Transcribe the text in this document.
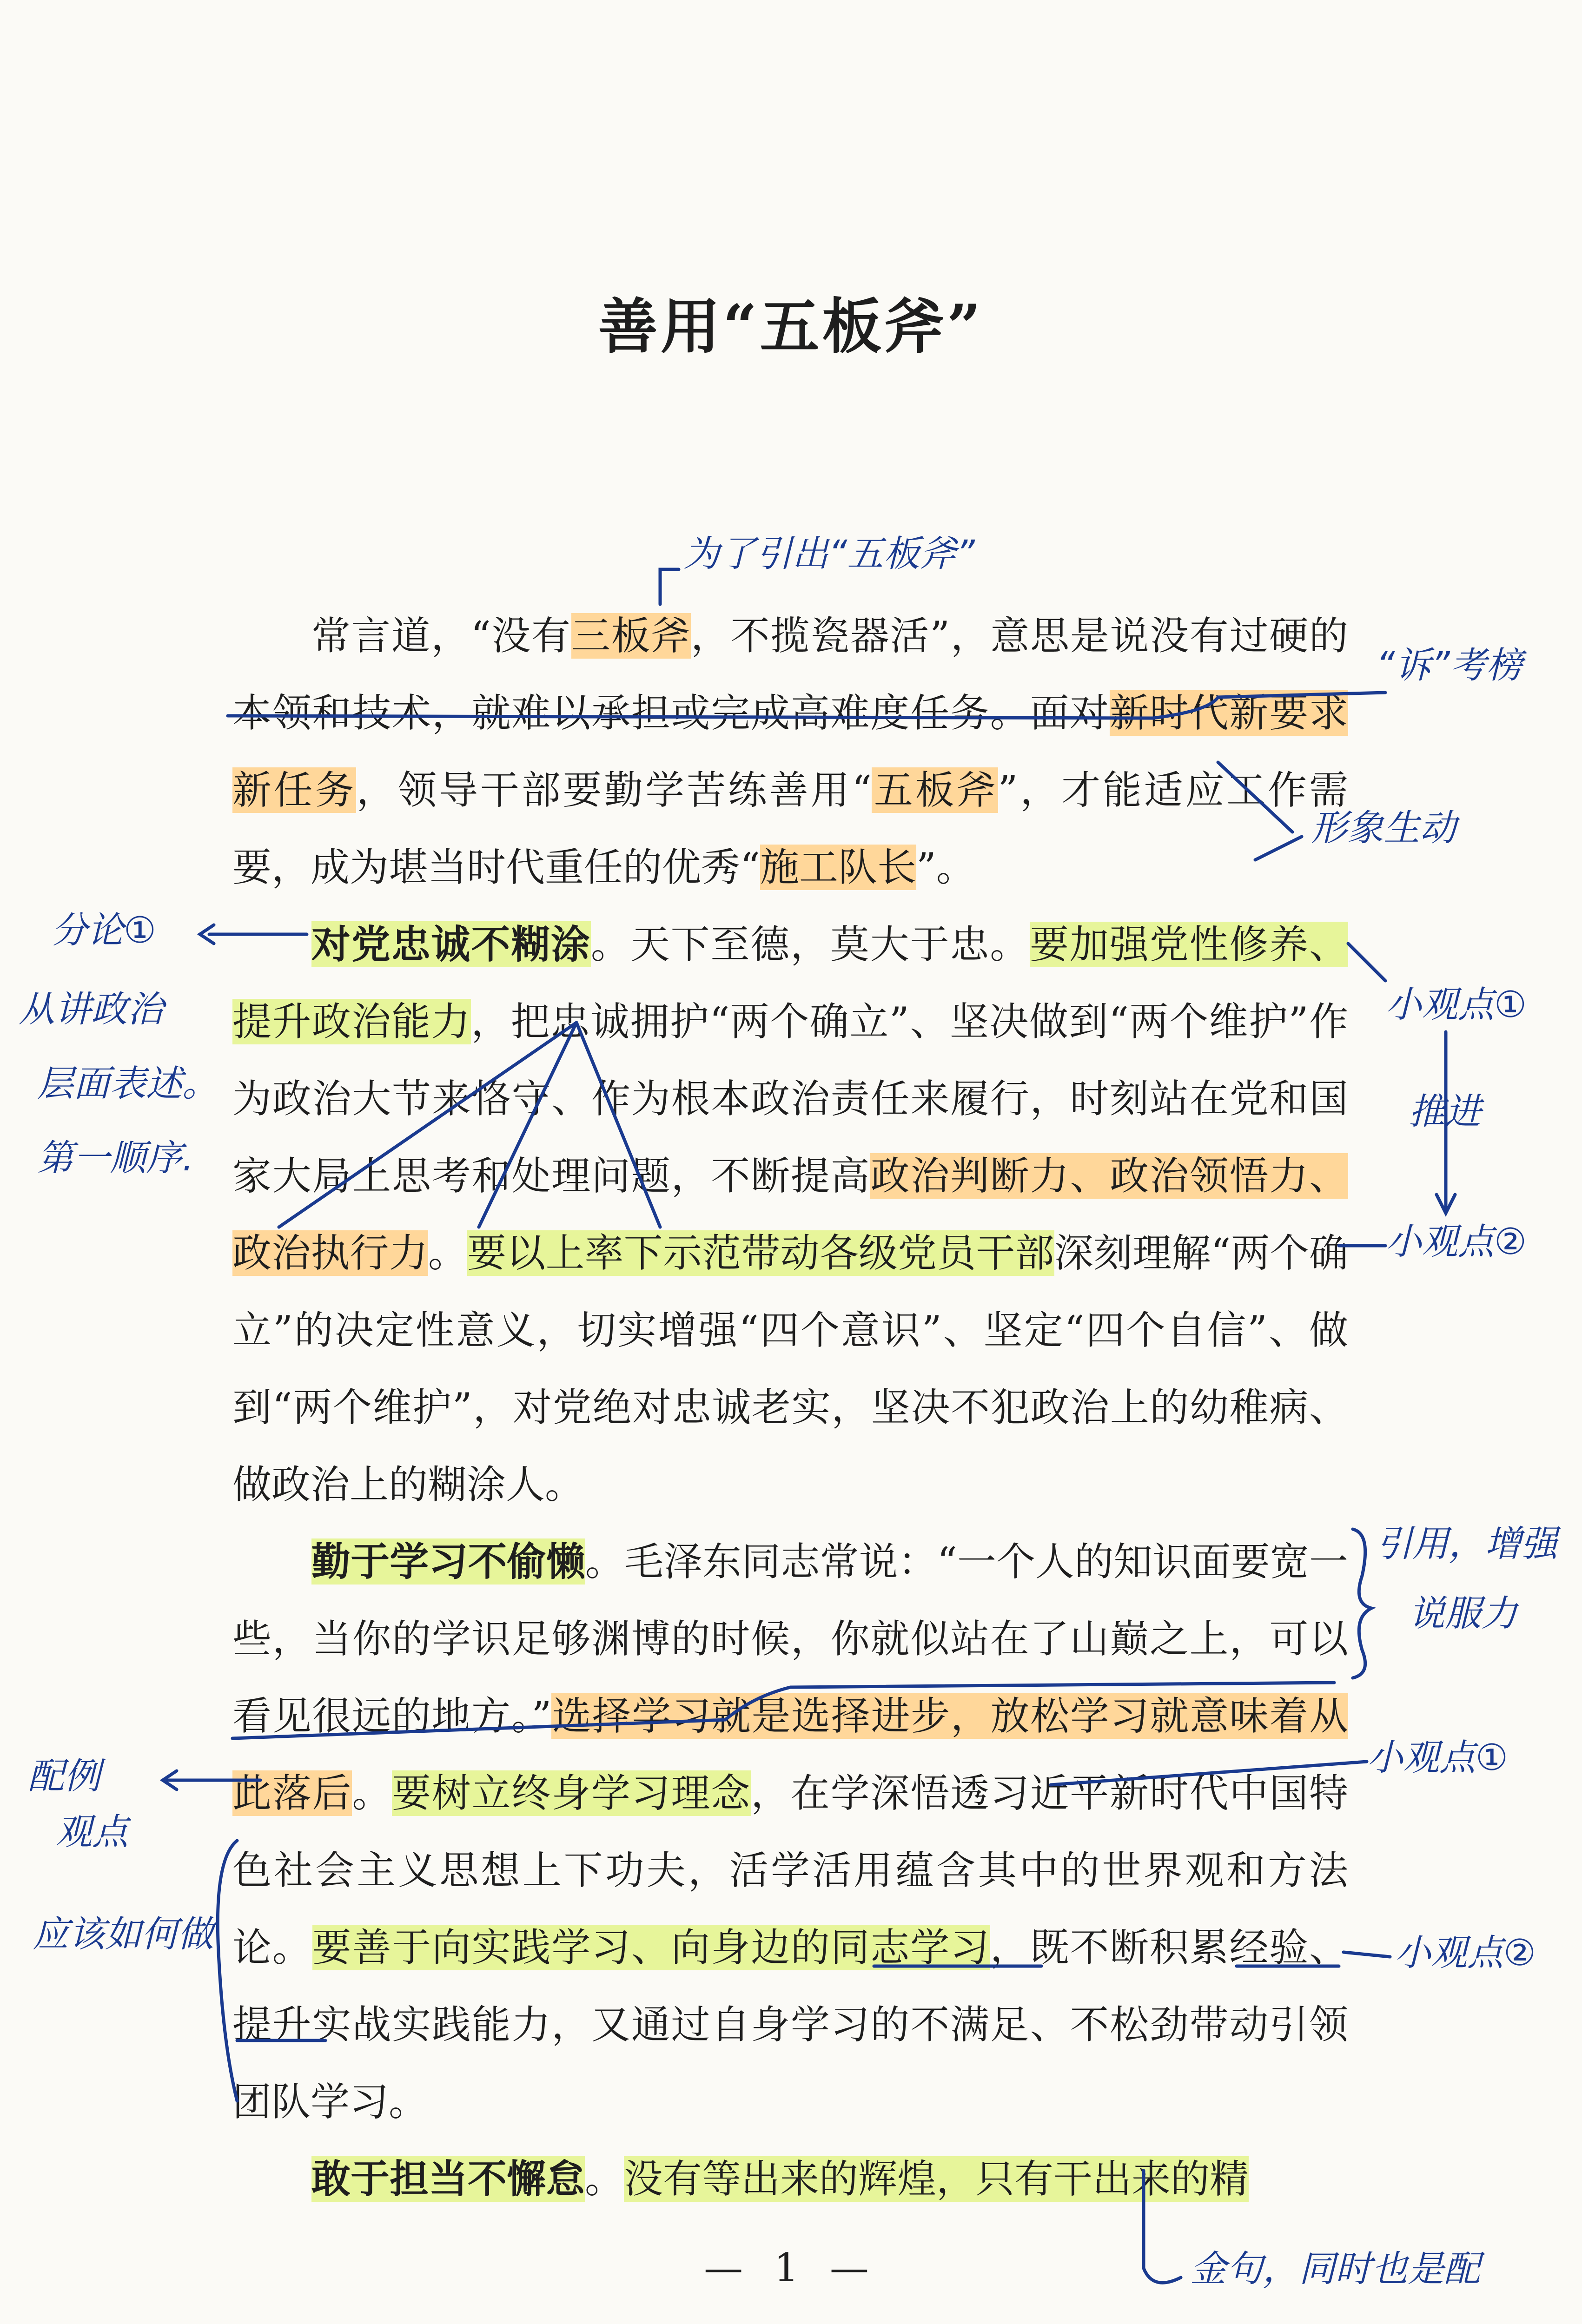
善用“五板斧”

常言道，“没有三板斧，不揽瓷器活”，意思是说没有过硬的本领和技术，就难以承担或完成高难度任务。面对新时代新要求新任务，领导干部要勤学苦练善用“五板斧”，才能适应工作需要，成为堪当时代重任的优秀“施工队长”。

对党忠诚不糊涂。天下至德，莫大于忠。要加强党性修养、提升政治能力，把忠诚拥护“两个确立”、坚决做到“两个维护”作为政治大节来恪守、作为根本政治责任来履行，时刻站在党和国家大局上思考和处理问题，不断提高政治判断力、政治领悟力、政治执行力。要以上率下示范带动各级党员干部深刻理解“两个确立”的决定性意义，切实增强“四个意识”、坚定“四个自信”、做到“两个维护”，对党绝对忠诚老实，坚决不犯政治上的幼稚病、做政治上的糊涂人。

勤于学习不偷懒。毛泽东同志常说：“一个人的知识面要宽一些，当你的学识足够渊博的时候，你就似站在了山巅之上，可以看见很远的地方。”选择学习就是选择进步，放松学习就意味着从此落后。要树立终身学习理念，在学深悟透习近平新时代中国特色社会主义思想上下功夫，活学活用蕴含其中的世界观和方法论。要善于向实践学习、向身边的同志学习，既不断积累经验、提升实战实践能力，又通过自身学习的不满足、不松劲带动引领团队学习。

敢于担当不懈怠。没有等出来的辉煌，只有干出来的精

— 1 —
为了引出“五板斧”
“诉”考榜
形象生动
小观点①
推进
小观点②
分论①
从讲政治
层面表述。
第一顺序.
引用，增强
说服力
小观点①
小观点②
配例
观点
应该如何做
金句，同时也是配
